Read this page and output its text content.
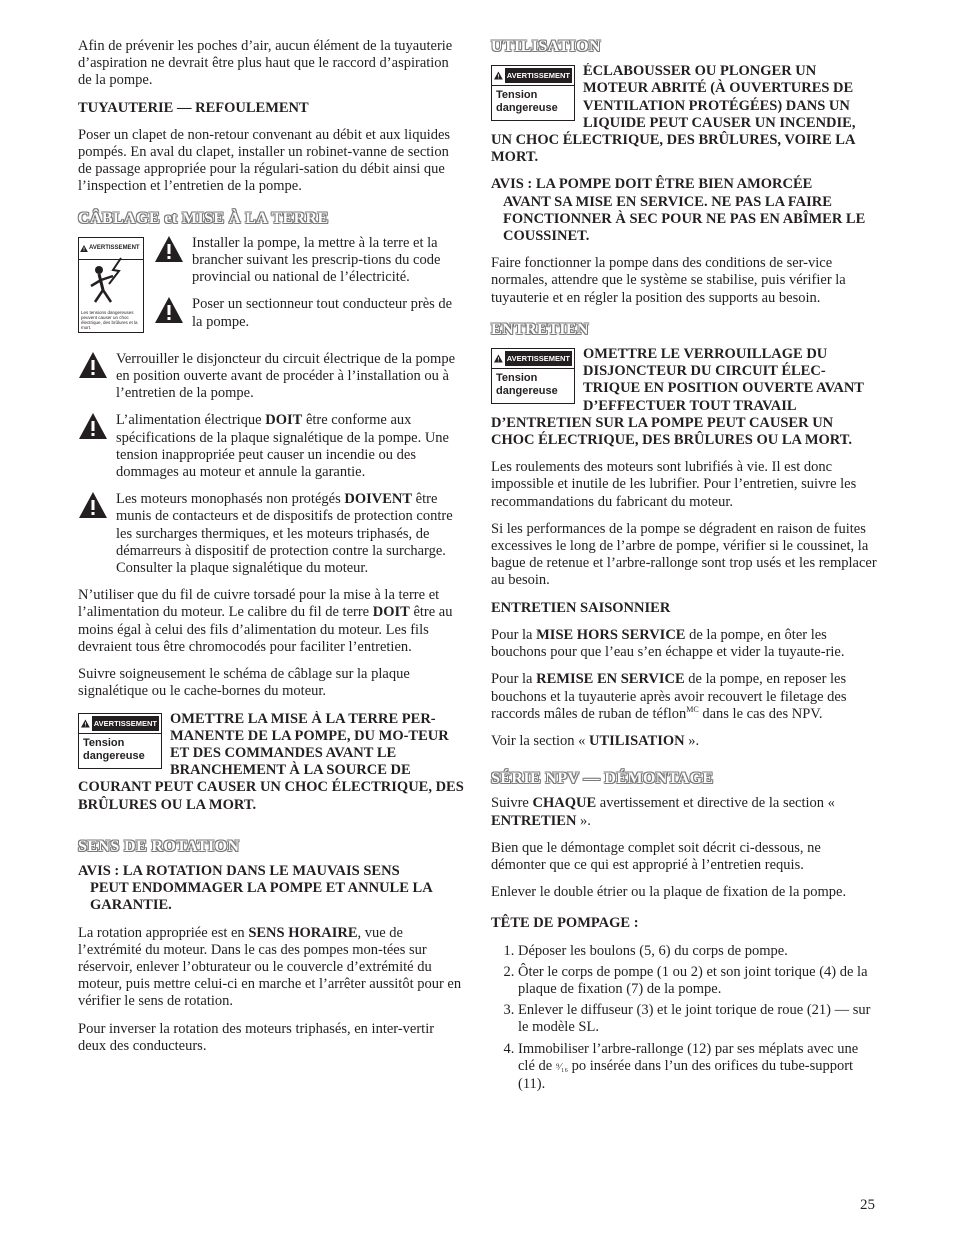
Afin de prévenir les poches d’air, aucun élément de la tuyauterie d’aspiration ne devrait être plus haut que le raccord d’aspiration de la pompe.

TUYAUTERIE — REFOULEMENT

Poser un clapet de non-retour convenant au débit et aux liquides pompés. En aval du clapet, installer un robinet-vanne de section de passage appropriée pour la régulari-sation du débit ainsi que l’inspection et l’entretien de la pompe.

CÂBLAGE et MISE À LA TERRE
AVERTISSEMENT
Les tensions dangereuses peuvent causer un choc électrique, des brûlures et la mort.
Installer la pompe, la mettre à la terre et la brancher suivant les prescrip-tions du code provincial ou national de l’électricité.
Poser un sectionneur tout conducteur près de la pompe.
Verrouiller le disjoncteur du circuit électrique de la pompe en position ouverte avant de procéder à l’installation ou à l’entretien de la pompe.
L’alimentation électrique DOIT être conforme aux spécifications de la plaque signalétique de la pompe. Une tension inappropriée peut causer un incendie ou des dommages au moteur et annule la garantie.
Les moteurs monophasés non protégés DOIVENT être munis de contacteurs et de dispositifs de protection contre les surcharges thermiques, et les moteurs triphasés, de démarreurs à dispositif de protection contre la surcharge. Consulter la plaque signalétique du moteur.

N’utiliser que du fil de cuivre torsadé pour la mise à la terre et l’alimentation du moteur. Le calibre du fil de terre DOIT être au moins égal à celui des fils d’alimentation du moteur. Les fils devraient tous être chromocodés pour faciliter l’entretien.

Suivre soigneusement le schéma de câblage sur la plaque signalétique ou le cache-bornes du moteur.

AVERTISSEMENT
Tension dangereuse
OMETTRE LA MISE À LA TERRE PER-MANENTE DE LA POMPE, DU MO-TEUR ET DES COMMANDES AVANT LE BRANCHEMENT À LA SOURCE DE COURANT PEUT CAUSER UN CHOC ÉLECTRIQUE, DES BRÛLURES OU LA MORT.
SENS DE ROTATION
AVIS : LA ROTATION DANS LE MAUVAIS SENS
PEUT ENDOMMAGER LA POMPE ET ANNULE LA GARANTIE.

La rotation appropriée est en SENS HORAIRE, vue de l’extrémité du moteur. Dans le cas des pompes mon-tées sur réservoir, enlever l’obturateur ou le couvercle d’extrémité du moteur, puis mettre celui-ci en marche et l’arrêter aussitôt pour en vérifier le sens de rotation.

Pour inverser la rotation des moteurs triphasés, en inter-vertir deux des conducteurs.

UTILISATION
AVERTISSEMENT
Tension dangereuse
ÉCLABOUSSER OU PLONGER UN MOTEUR ABRITÉ (À OUVERTURES DE VENTILATION PROTÉGÉES) DANS UN LIQUIDE PEUT CAUSER UN INCENDIE, UN CHOC ÉLECTRIQUE, DES BRÛLURES, VOIRE LA MORT.
AVIS : LA POMPE DOIT ÊTRE BIEN AMORCÉE
AVANT SA MISE EN SERVICE. NE PAS LA FAIRE FONCTIONNER À SEC POUR NE PAS EN ABÎMER LE COUSSINET.

Faire fonctionner la pompe dans des conditions de ser-vice normales, attendre que le système se stabilise, puis vérifier la tuyauterie et en régler la position des supports au besoin.

ENTRETIEN
AVERTISSEMENT
Tension dangereuse
OMETTRE LE VERROUILLAGE DU DISJONCTEUR DU CIRCUIT ÉLEC-TRIQUE EN POSITION OUVERTE AVANT D’EFFECTUER TOUT TRAVAIL D’ENTRETIEN SUR LA POMPE PEUT CAUSER UN CHOC ÉLECTRIQUE, DES BRÛLURES OU LA MORT.

Les roulements des moteurs sont lubrifiés à vie. Il est donc impossible et inutile de les lubrifier. Pour l’entretien, suivre les recommandations du fabricant du moteur.

Si les performances de la pompe se dégradent en raison de fuites excessives le long de l’arbre de pompe, vérifier si le coussinet, la bague de retenue et l’arbre-rallonge sont trop usés et les remplacer au besoin.

ENTRETIEN SAISONNIER

Pour la MISE HORS SERVICE de la pompe, en ôter les bouchons pour que l’eau s’en échappe et vider la tuyaute-rie.

Pour la REMISE EN SERVICE de la pompe, en reposer les bouchons et la tuyauterie après avoir recouvert le filetage des raccords mâles de ruban de téflon$^{MC}$ dans le cas des NPV.

Voir la section « UTILISATION ».

SÉRIE NPV — DÉMONTAGE

Suivre CHAQUE avertissement et directive de la section « ENTRETIEN ».

Bien que le démontage complet soit décrit ci-dessous, ne démonter que ce qui est approprié à l’entretien requis.

Enlever le double étrier ou la plaque de fixation de la pompe.

TÊTE DE POMPAGE :

1. Déposer les boulons (5, 6) du corps de pompe.
2. Ôter le corps de pompe (1 ou 2) et son joint torique (4) de la plaque de fixation (7) de la pompe.
3. Enlever le diffuseur (3) et le joint torique de roue (21) — sur le modèle SL.
4. Immobiliser l’arbre-rallonge (12) par ses méplats avec une clé de ⁹⁄₁₆ po insérée dans l’un des orifices du tube-support (11).
25
